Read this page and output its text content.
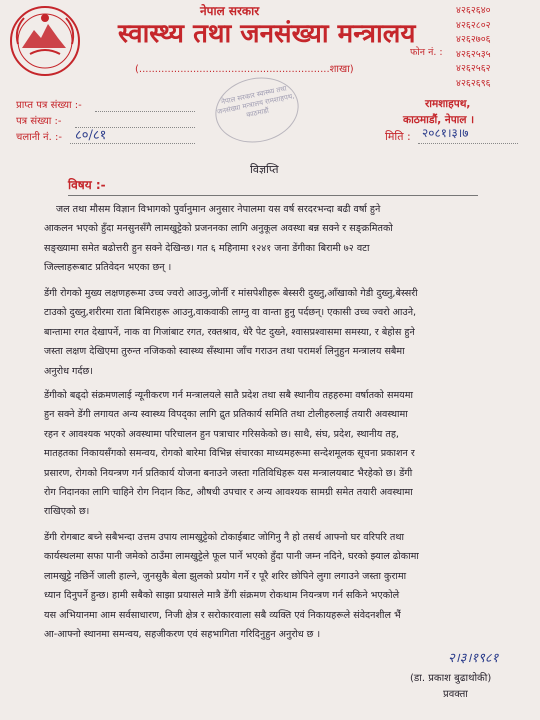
नेपाल सरकार
स्वास्थ्य तथा जनसंख्या मन्त्रालय
(............................................................शाखा)
४२६२६४०
४२६२८०२
४२६२७०६
४२६२५३५
४२६२५६२
४२६२६९६
फोन नं. :
नेपाल सरकार स्वास्थ्य तथा जनसंख्या मन्त्रालय रामशाहपथ, काठमाडौं
रामशाहपथ,
काठमाडौं, नेपाल ।
प्राप्त पत्र संख्या :-
पत्र संख्या :-
चलानी नं. :- ८०/८१	मिति : २०८१।३।७
विज्ञप्ति
विषय :-
जल तथा मौसम विज्ञान विभागको पुर्वानुमान अनुसार नेपालमा यस वर्ष सरदरभन्दा बढी वर्षा हुने
आकलन भएको हुँदा मनसुनसँगै लामखुट्टेको प्रजननका लागि अनुकूल अवस्था बन्न सक्ने र सङ्क्रमितको
सङ्ख्यामा समेत बढोत्तरी हुन सक्ने देखिन्छ। गत ६ महिनामा १२४१ जना डेंगीका बिरामी ७२ वटा
जिल्लाहरूबाट प्रतिवेदन भएका छन् ।
डेंगी रोगको मुख्य लक्षणहरूमा उच्च ज्वरो आउनु,जोर्नी र मांसपेशीहरू बेस्सरी दुख्नु,आँखाको गेडी दुख्नु,बेस्सरी
टाउको दुख्नु,शरीरमा राता बिमिराहरू आउनु,वाकवाकी लाग्नु वा वान्ता हुनु पर्दछन्। एकासी उच्च ज्वरो आउने,
बान्तामा रगत देखापर्ने, नाक वा गिजांबाट रगत, रक्तश्राव, धेरै पेट दुख्ने, श्वासप्रश्वासमा समस्या, र बेहोस हुने
जस्ता लक्षण देखिएमा तुरुन्त नजिकको स्वास्थ्य सँस्थामा जाँच गराउन तथा परामर्श लिनुहुन मन्त्रालय सबैमा
अनुरोध गर्दछ।
डेंगीको बढ्दो संक्रमणलाई न्यूनीकरण गर्न मन्त्रालयले सातै प्रदेश तथा सबै स्थानीय तहहरुमा वर्षातको समयमा
हुन सक्ने डेंगी लगायत अन्य स्वास्थ्य विपद्का लागि द्रुत प्रतिकार्य समिति तथा टोलीहरुलाई तयारी अवस्थामा
रहन र आवश्यक भएको अवस्थामा परिचालन हुन पत्राचार गरिसकेको छ। साथै, संघ, प्रदेश, स्थानीय तह,
मातहतका निकायसँगको समन्वय, रोगको बारेमा विभिन्न संचारका माध्यमहरूमा सन्देशमूलक सूचना प्रकाशन र
प्रसारण, रोगको नियन्त्रण गर्न प्रतिकार्य योजना बनाउने जस्ता गतिविधिहरू यस मन्त्रालयबाट भैरहेको छ। डेंगी
रोग निदानका लागि चाहिने रोग निदान किट, औषधी उपचार र अन्य आवश्यक सामग्री समेत तयारी अवस्थामा
राखिएको छ।
डेंगी रोगबाट बच्ने सबैभन्दा उत्तम उपाय लामखुट्टेको टोकाईबाट जोगिनु नै हो तसर्थ आफ्नो घर वरिपरि तथा
कार्यस्थलमा सफा पानी जमेको ठाउँमा लामखुट्टेले फूल पार्ने भएको हुँदा पानी जम्न नदिने, घरको झ्याल ढोकामा
लामखुट्टे नछिर्ने जाली हाल्ने, जुनसुकै बेला झुलको प्रयोग गर्ने र पूरै शरिर छोपिने लुगा लगाउने जस्ता कुरामा
ध्यान दिनुपर्ने हुन्छ। हामी सबैको साझा प्रयासले मात्रै डेंगी संक्रमण रोकथाम नियन्त्रण गर्न सकिने भएकोले
यस अभियानमा आम सर्वसाधारण, निजी क्षेत्र र सरोकारवाला सबै व्यक्ति एवं निकायहरूले संवेदनशील भैंं
आ-आफ्नो स्थानमा समन्वय, सहजीकरण एवं सहभागिता गरिदिनुहुन अनुरोध छ ।
२।३।१९८१
(डा. प्रकाश बुढाथोकी)
प्रवक्ता
